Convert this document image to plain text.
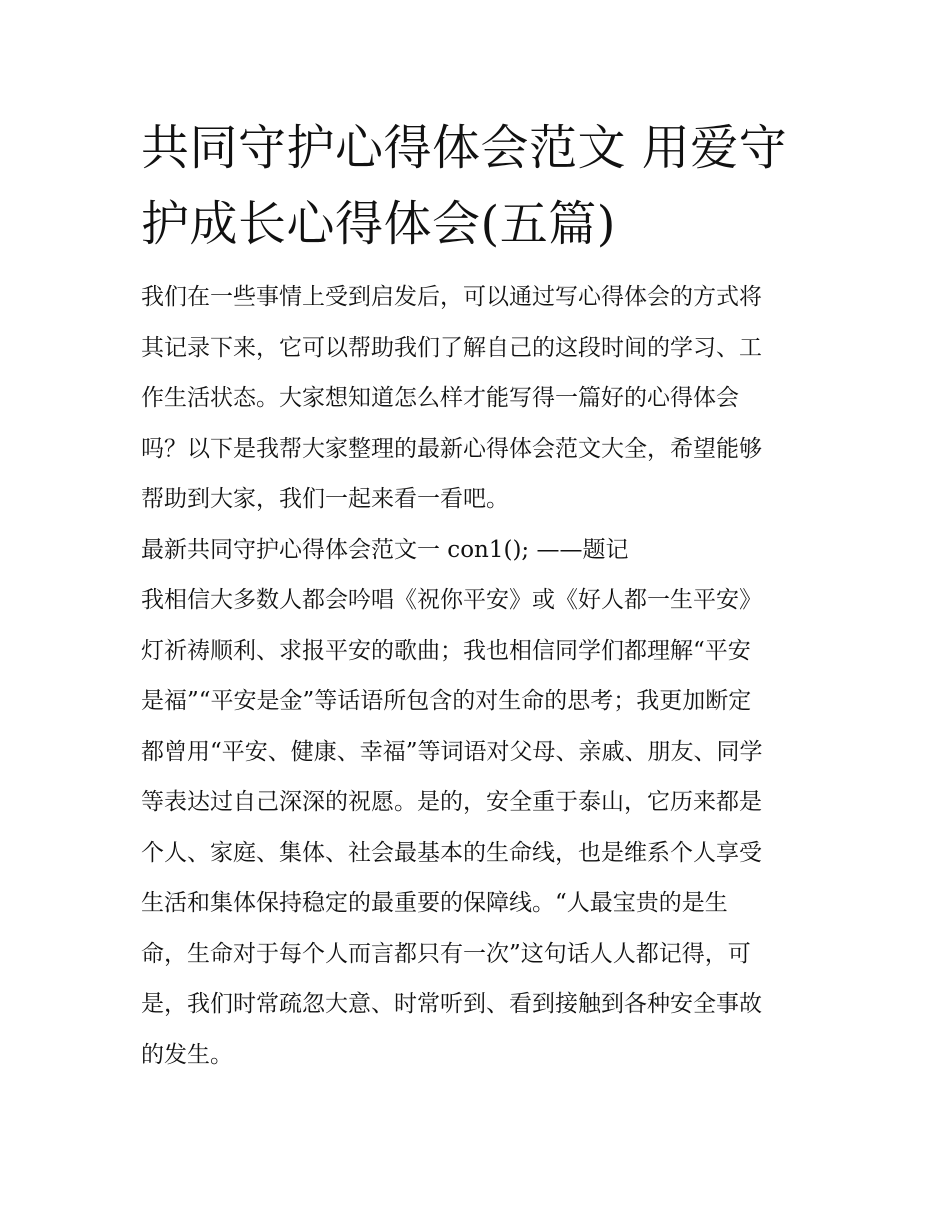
共同守护心得体会范文 用爱守
护成长心得体会(五篇)

我们在一些事情上受到启发后，可以通过写心得体会的方式将
其记录下来，它可以帮助我们了解自己的这段时间的学习、工
作生活状态。大家想知道怎么样才能写得一篇好的心得体会
吗？以下是我帮大家整理的最新心得体会范文大全，希望能够
帮助到大家，我们一起来看一看吧。

最新共同守护心得体会范文一 con1(); ——题记

我相信大多数人都会吟唱《祝你平安》或《好人都一生平安》
灯祈祷顺利、求报平安的歌曲；我也相信同学们都理解“平安
是福”“平安是金”等话语所包含的对生命的思考；我更加断定
都曾用“平安、健康、幸福”等词语对父母、亲戚、朋友、同学
等表达过自己深深的祝愿。是的，安全重于泰山，它历来都是
个人、家庭、集体、社会最基本的生命线，也是维系个人享受
生活和集体保持稳定的最重要的保障线。“人最宝贵的是生
命，生命对于每个人而言都只有一次”这句话人人都记得，可
是，我们时常疏忽大意、时常听到、看到接触到各种安全事故
的发生。
